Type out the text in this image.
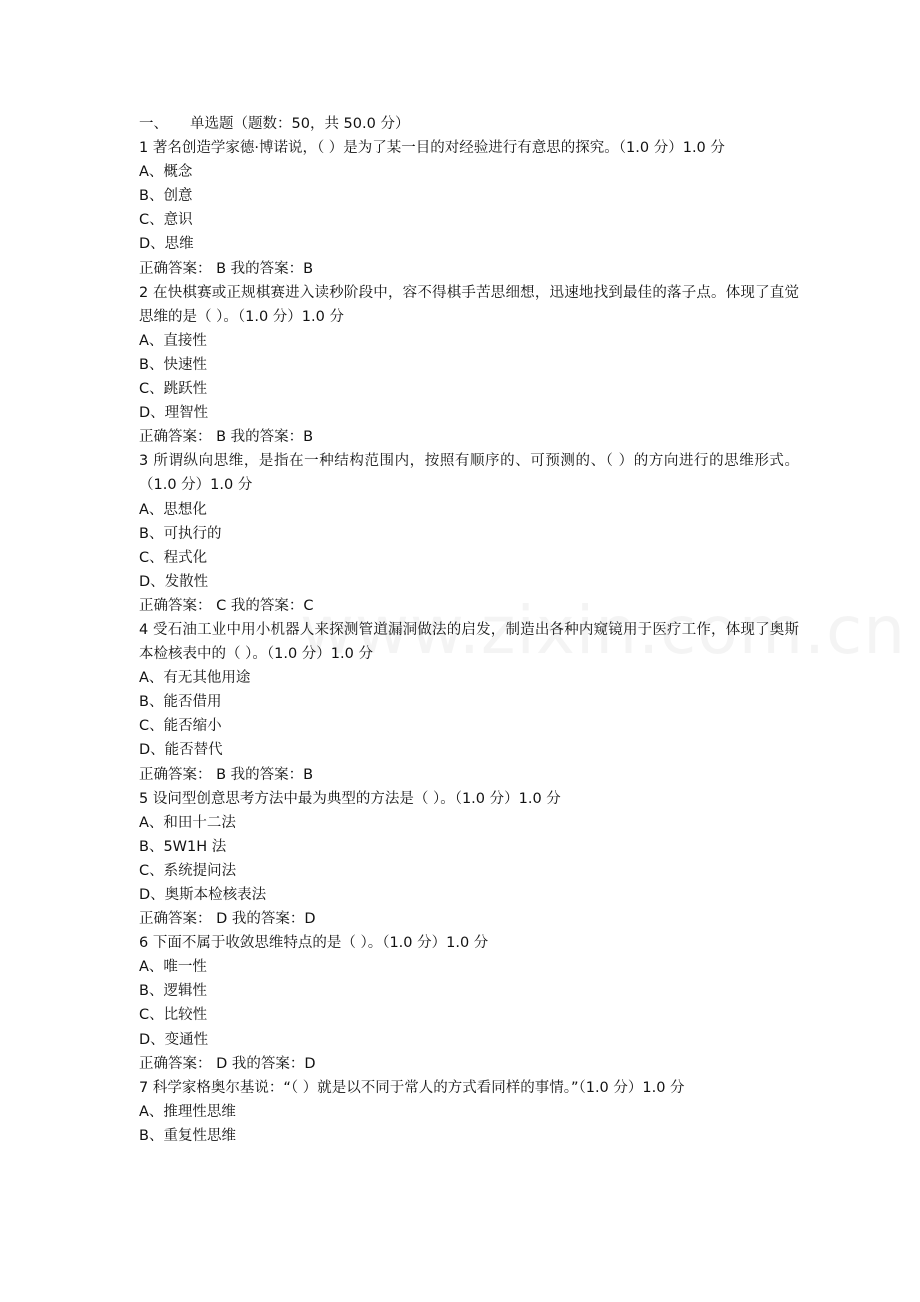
一、 单选题（题数：50，共 50.0 分）
1 著名创造学家德·博诺说，（ ）是为了某一目的对经验进行有意思的探究。（1.0 分）1.0 分
A、概念
B、创意
C、意识
D、思维
正确答案： B 我的答案：B
2 在快棋赛或正规棋赛进入读秒阶段中，容不得棋手苦思细想，迅速地找到最佳的落子点。体现了直觉思维的是（ ）。（1.0 分）1.0 分
A、直接性
B、快速性
C、跳跃性
D、理智性
正确答案： B 我的答案：B
3 所谓纵向思维，是指在一种结构范围内，按照有顺序的、可预测的、（ ）的方向进行的思维形式。（1.0 分）1.0 分
A、思想化
B、可执行的
C、程式化
D、发散性
正确答案： C 我的答案：C
4 受石油工业中用小机器人来探测管道漏洞做法的启发，制造出各种内窥镜用于医疗工作，体现了奥斯本检核表中的（ ）。（1.0 分）1.0 分
A、有无其他用途
B、能否借用
C、能否缩小
D、能否替代
正确答案： B 我的答案：B
5 设问型创意思考方法中最为典型的方法是（ ）。（1.0 分）1.0 分
A、和田十二法
B、5W1H 法
C、系统提问法
D、奥斯本检核表法
正确答案： D 我的答案：D
6 下面不属于收敛思维特点的是（ ）。（1.0 分）1.0 分
A、唯一性
B、逻辑性
C、比较性
D、变通性
正确答案： D 我的答案：D
7 科学家格奥尔基说：“（ ）就是以不同于常人的方式看同样的事情。”（1.0 分）1.0 分
A、推理性思维
B、重复性思维
